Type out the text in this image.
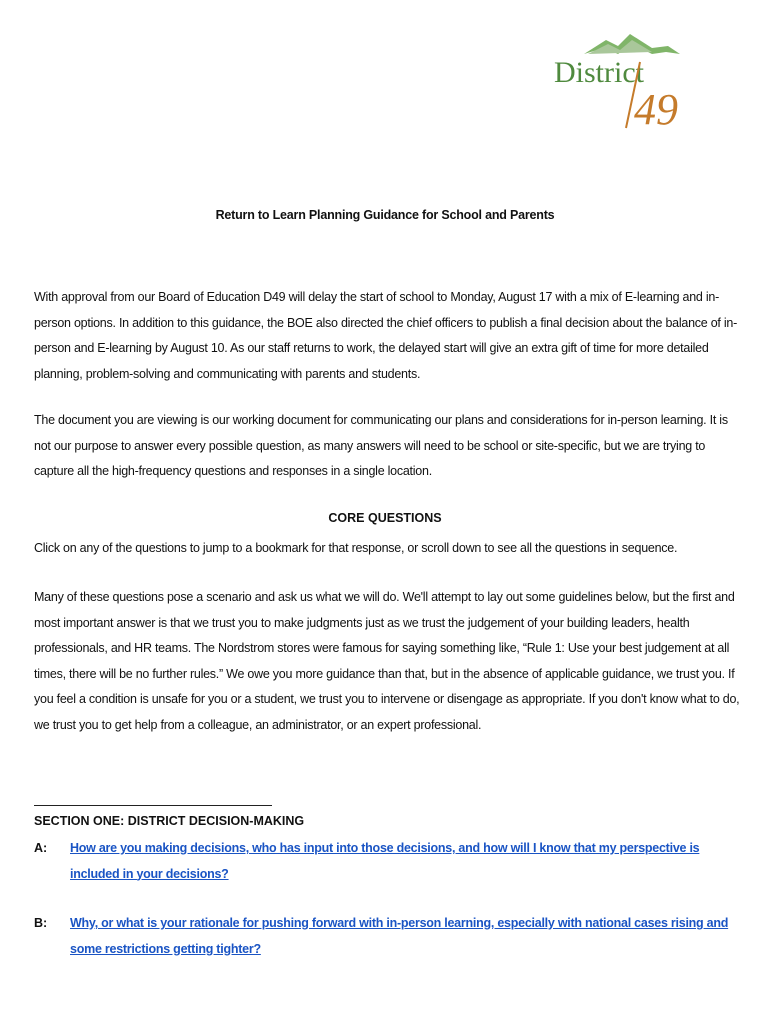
District
49
Return to Learn Planning Guidance for School and Parents

With approval from our Board of Education D49 will delay the start of school to Monday, August 17 with a mix of E-learning and in-person options. In addition to this guidance, the BOE also directed the chief officers to publish a final decision about the balance of in-person and E-learning by August 10. As our staff returns to work, the delayed start will give an extra gift of time for more detailed planning, problem-solving and communicating with parents and students.

The document you are viewing is our working document for communicating our plans and considerations for in-person learning. It is not our purpose to answer every possible question, as many answers will need to be school or site-specific, but we are trying to capture all the high-frequency questions and responses in a single location.

CORE QUESTIONS
Click on any of the questions to jump to a bookmark for that response, or scroll down to see all the questions in sequence.

Many of these questions pose a scenario and ask us what we will do. We'll attempt to lay out some guidelines below, but the first and most important answer is that we trust you to make judgments just as we trust the judgement of your building leaders, health professionals, and HR teams. The Nordstrom stores were famous for saying something like, “Rule 1: Use your best judgement at all times, there will be no further rules.” We owe you more guidance than that, but in the absence of applicable guidance, we trust you. If you feel a condition is unsafe for you or a student, we trust you to intervene or disengage as appropriate. If you don't know what to do, we trust you to get help from a colleague, an administrator, or an expert professional.

SECTION ONE: DISTRICT DECISION-MAKING
A: How are you making decisions, who has input into those decisions, and how will I know that my perspective is included in your decisions?
B: Why, or what is your rationale for pushing forward with in-person learning, especially with national cases rising and some restrictions getting tighter?
